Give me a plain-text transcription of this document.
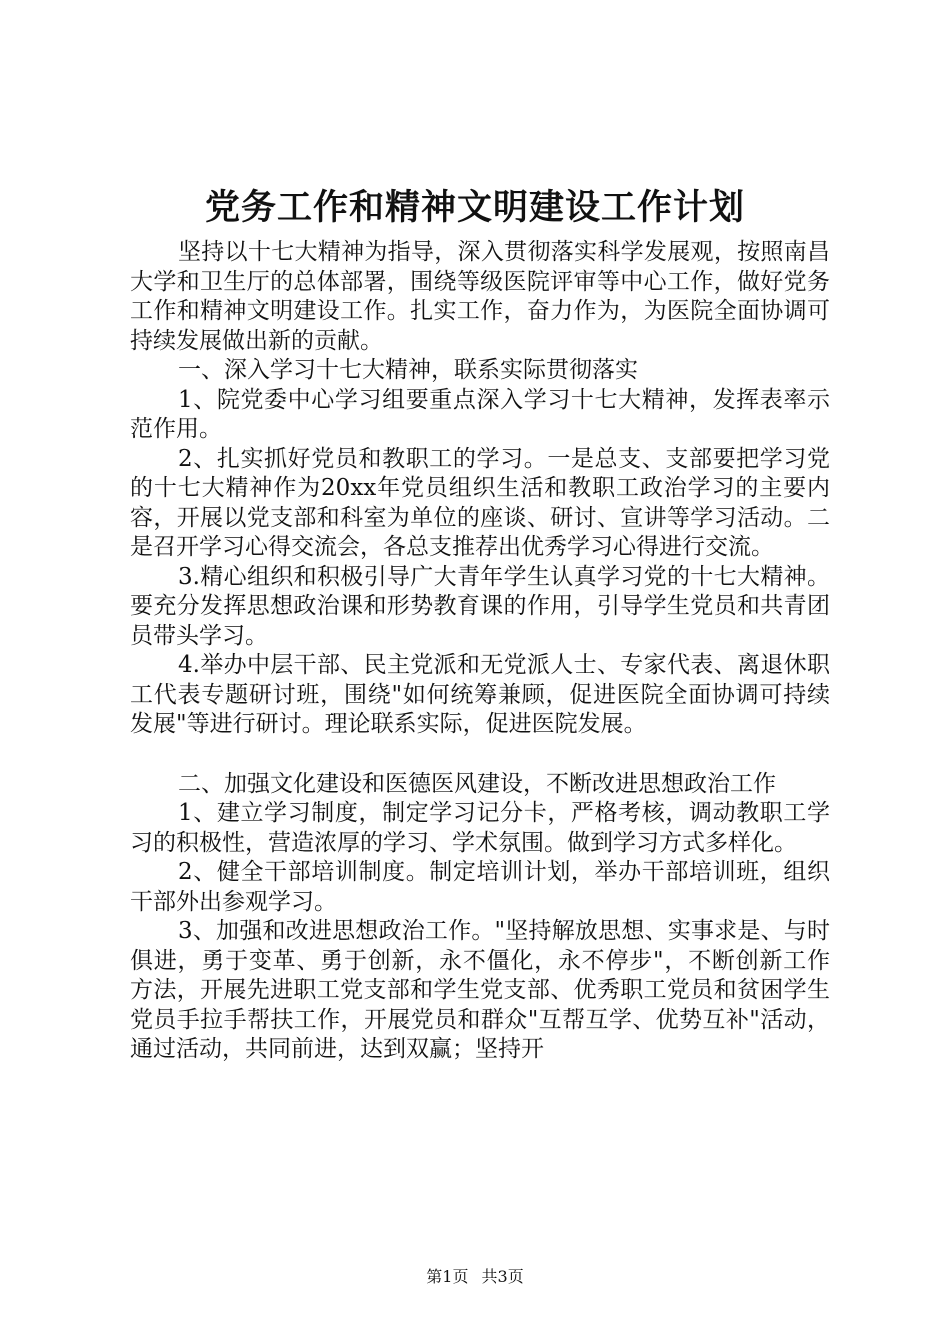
党务工作和精神文明建设工作计划

坚持以十七大精神为指导，深入贯彻落实科学发展观，按照南昌大学和卫生厅的总体部署，围绕等级医院评审等中心工作，做好党务工作和精神文明建设工作。扎实工作，奋力作为，为医院全面协调可持续发展做出新的贡献。

一、深入学习十七大精神，联系实际贯彻落实

1、院党委中心学习组要重点深入学习十七大精神，发挥表率示范作用。

2、扎实抓好党员和教职工的学习。一是总支、支部要把学习党的十七大精神作为20xx年党员组织生活和教职工政治学习的主要内容，开展以党支部和科室为单位的座谈、研讨、宣讲等学习活动。二是召开学习心得交流会，各总支推荐出优秀学习心得进行交流。

3.精心组织和积极引导广大青年学生认真学习党的十七大精神。要充分发挥思想政治课和形势教育课的作用，引导学生党员和共青团员带头学习。

4.举办中层干部、民主党派和无党派人士、专家代表、离退休职工代表专题研讨班，围绕"如何统筹兼顾，促进医院全面协调可持续发展"等进行研讨。理论联系实际，促进医院发展。

二、加强文化建设和医德医风建设，不断改进思想政治工作

1、建立学习制度，制定学习记分卡，严格考核，调动教职工学习的积极性，营造浓厚的学习、学术氛围。做到学习方式多样化。

2、健全干部培训制度。制定培训计划，举办干部培训班，组织干部外出参观学习。

3、加强和改进思想政治工作。"坚持解放思想、实事求是、与时俱进，勇于变革、勇于创新，永不僵化，永不停步"，不断创新工作方法，开展先进职工党支部和学生党支部、优秀职工党员和贫困学生党员手拉手帮扶工作，开展党员和群众"互帮互学、优势互补"活动，通过活动，共同前进，达到双赢；坚持开

第1页 共3页
